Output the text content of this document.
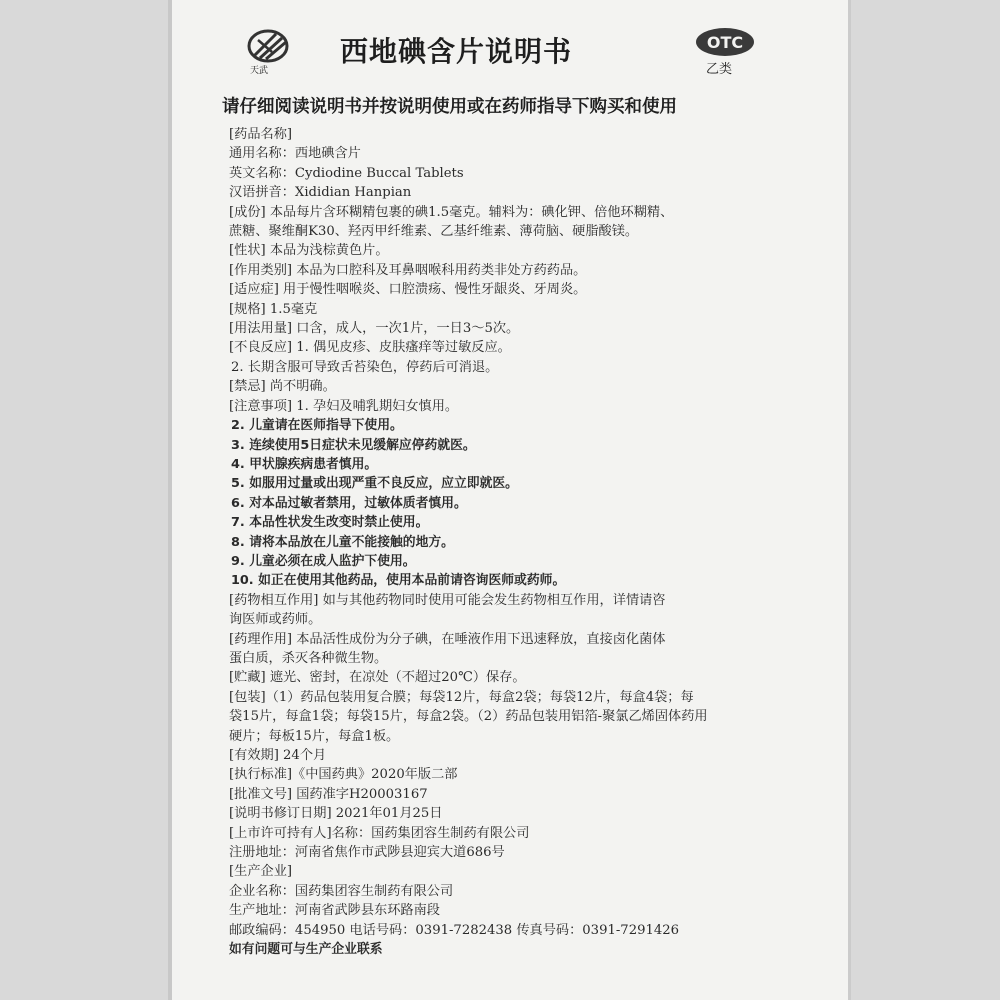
天武
西地碘含片说明书	OTC
乙类
请仔细阅读说明书并按说明使用或在药师指导下购买和使用
[药品名称]
通用名称：西地碘含片
英文名称：Cydiodine Buccal Tablets
汉语拼音：Xididian Hanpian
[成份] 本品每片含环糊精包裹的碘1.5毫克。辅料为：碘化钾、倍他环糊精、
蔗糖、聚维酮K30、羟丙甲纤维素、乙基纤维素、薄荷脑、硬脂酸镁。
[性状] 本品为浅棕黄色片。
[作用类别] 本品为口腔科及耳鼻咽喉科用药类非处方药药品。
[适应症] 用于慢性咽喉炎、口腔溃疡、慢性牙龈炎、牙周炎。
[规格] 1.5毫克
[用法用量] 口含，成人，一次1片，一日3～5次。
[不良反应] 1. 偶见皮疹、皮肤瘙痒等过敏反应。
2. 长期含服可导致舌苔染色，停药后可消退。
[禁忌] 尚不明确。
[注意事项] 1. 孕妇及哺乳期妇女慎用。
2. 儿童请在医师指导下使用。
3. 连续使用5日症状未见缓解应停药就医。
4. 甲状腺疾病患者慎用。
5. 如服用过量或出现严重不良反应，应立即就医。
6. 对本品过敏者禁用，过敏体质者慎用。
7. 本品性状发生改变时禁止使用。
8. 请将本品放在儿童不能接触的地方。
9. 儿童必须在成人监护下使用。
10. 如正在使用其他药品，使用本品前请咨询医师或药师。
[药物相互作用] 如与其他药物同时使用可能会发生药物相互作用，详情请咨
询医师或药师。
[药理作用] 本品活性成份为分子碘，在唾液作用下迅速释放，直接卤化菌体
蛋白质，杀灭各种微生物。
[贮藏] 遮光、密封，在凉处（不超过20℃）保存。
[包装]（1）药品包装用复合膜；每袋12片，每盒2袋；每袋12片，每盒4袋；每
袋15片，每盒1袋；每袋15片，每盒2袋。（2）药品包装用铝箔-聚氯乙烯固体药用
硬片；每板15片，每盒1板。
[有效期] 24个月
[执行标准]《中国药典》2020年版二部
[批准文号] 国药准字H20003167
[说明书修订日期] 2021年01月25日
[上市许可持有人]名称：国药集团容生制药有限公司
注册地址：河南省焦作市武陟县迎宾大道686号
[生产企业]
企业名称：国药集团容生制药有限公司
生产地址：河南省武陟县东环路南段
邮政编码：454950 电话号码：0391-7282438 传真号码：0391-7291426
如有问题可与生产企业联系
